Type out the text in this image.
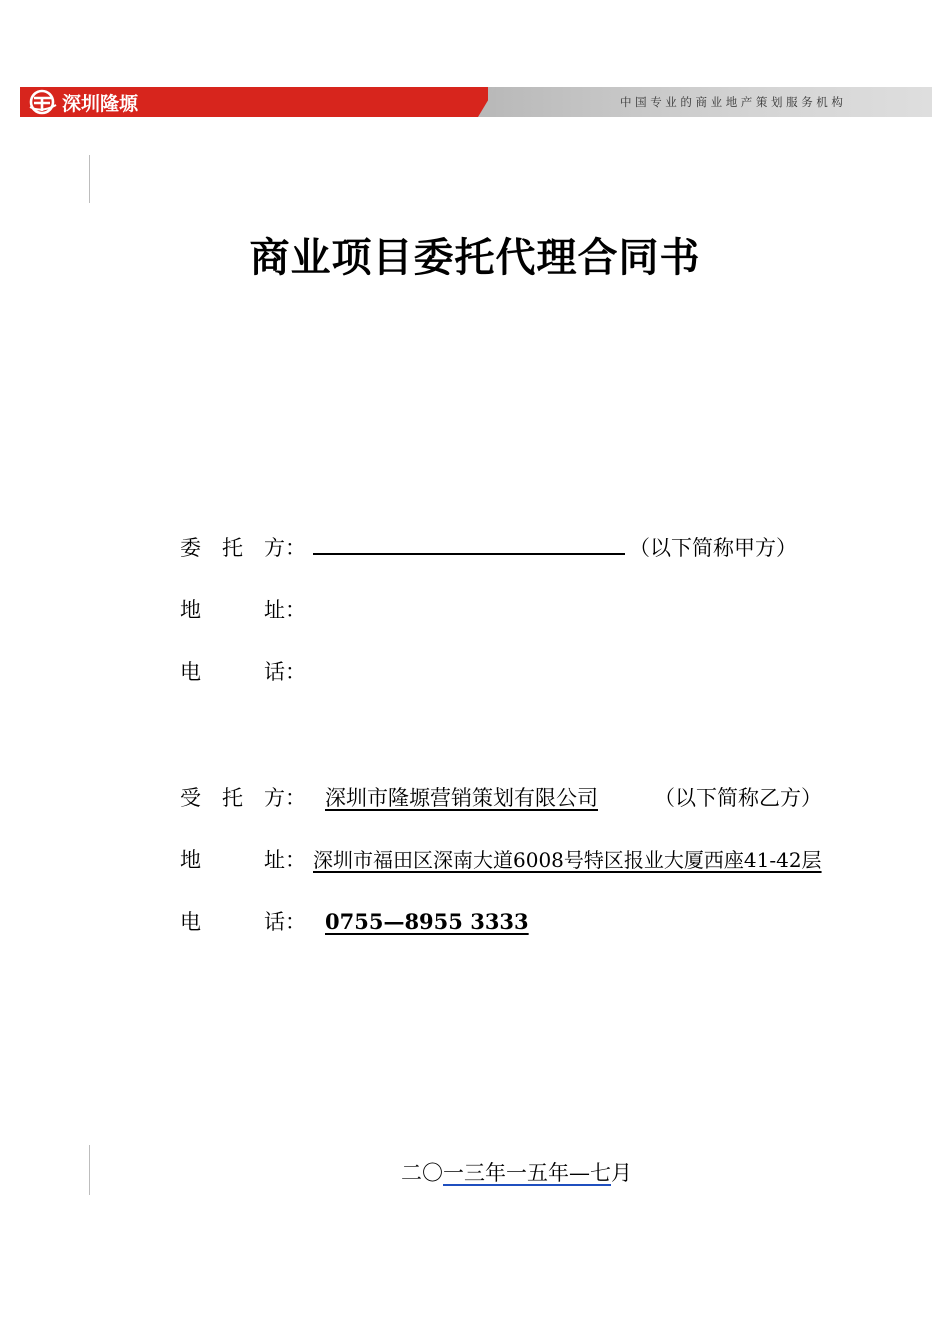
深圳隆塬	中国专业的商业地产策划服务机构
商业项目委托代理合同书
委　托　方：	（以下简称甲方）
地　　　址：
电　　　话：
受　托　方： 深圳市隆塬营销策划有限公司	（以下简称乙方）
地　　　址： 深圳市福田区深南大道6008号特区报业大厦西座41-42层
电　　　话： 0755—8955 3333
二〇一三年一五年—七月
